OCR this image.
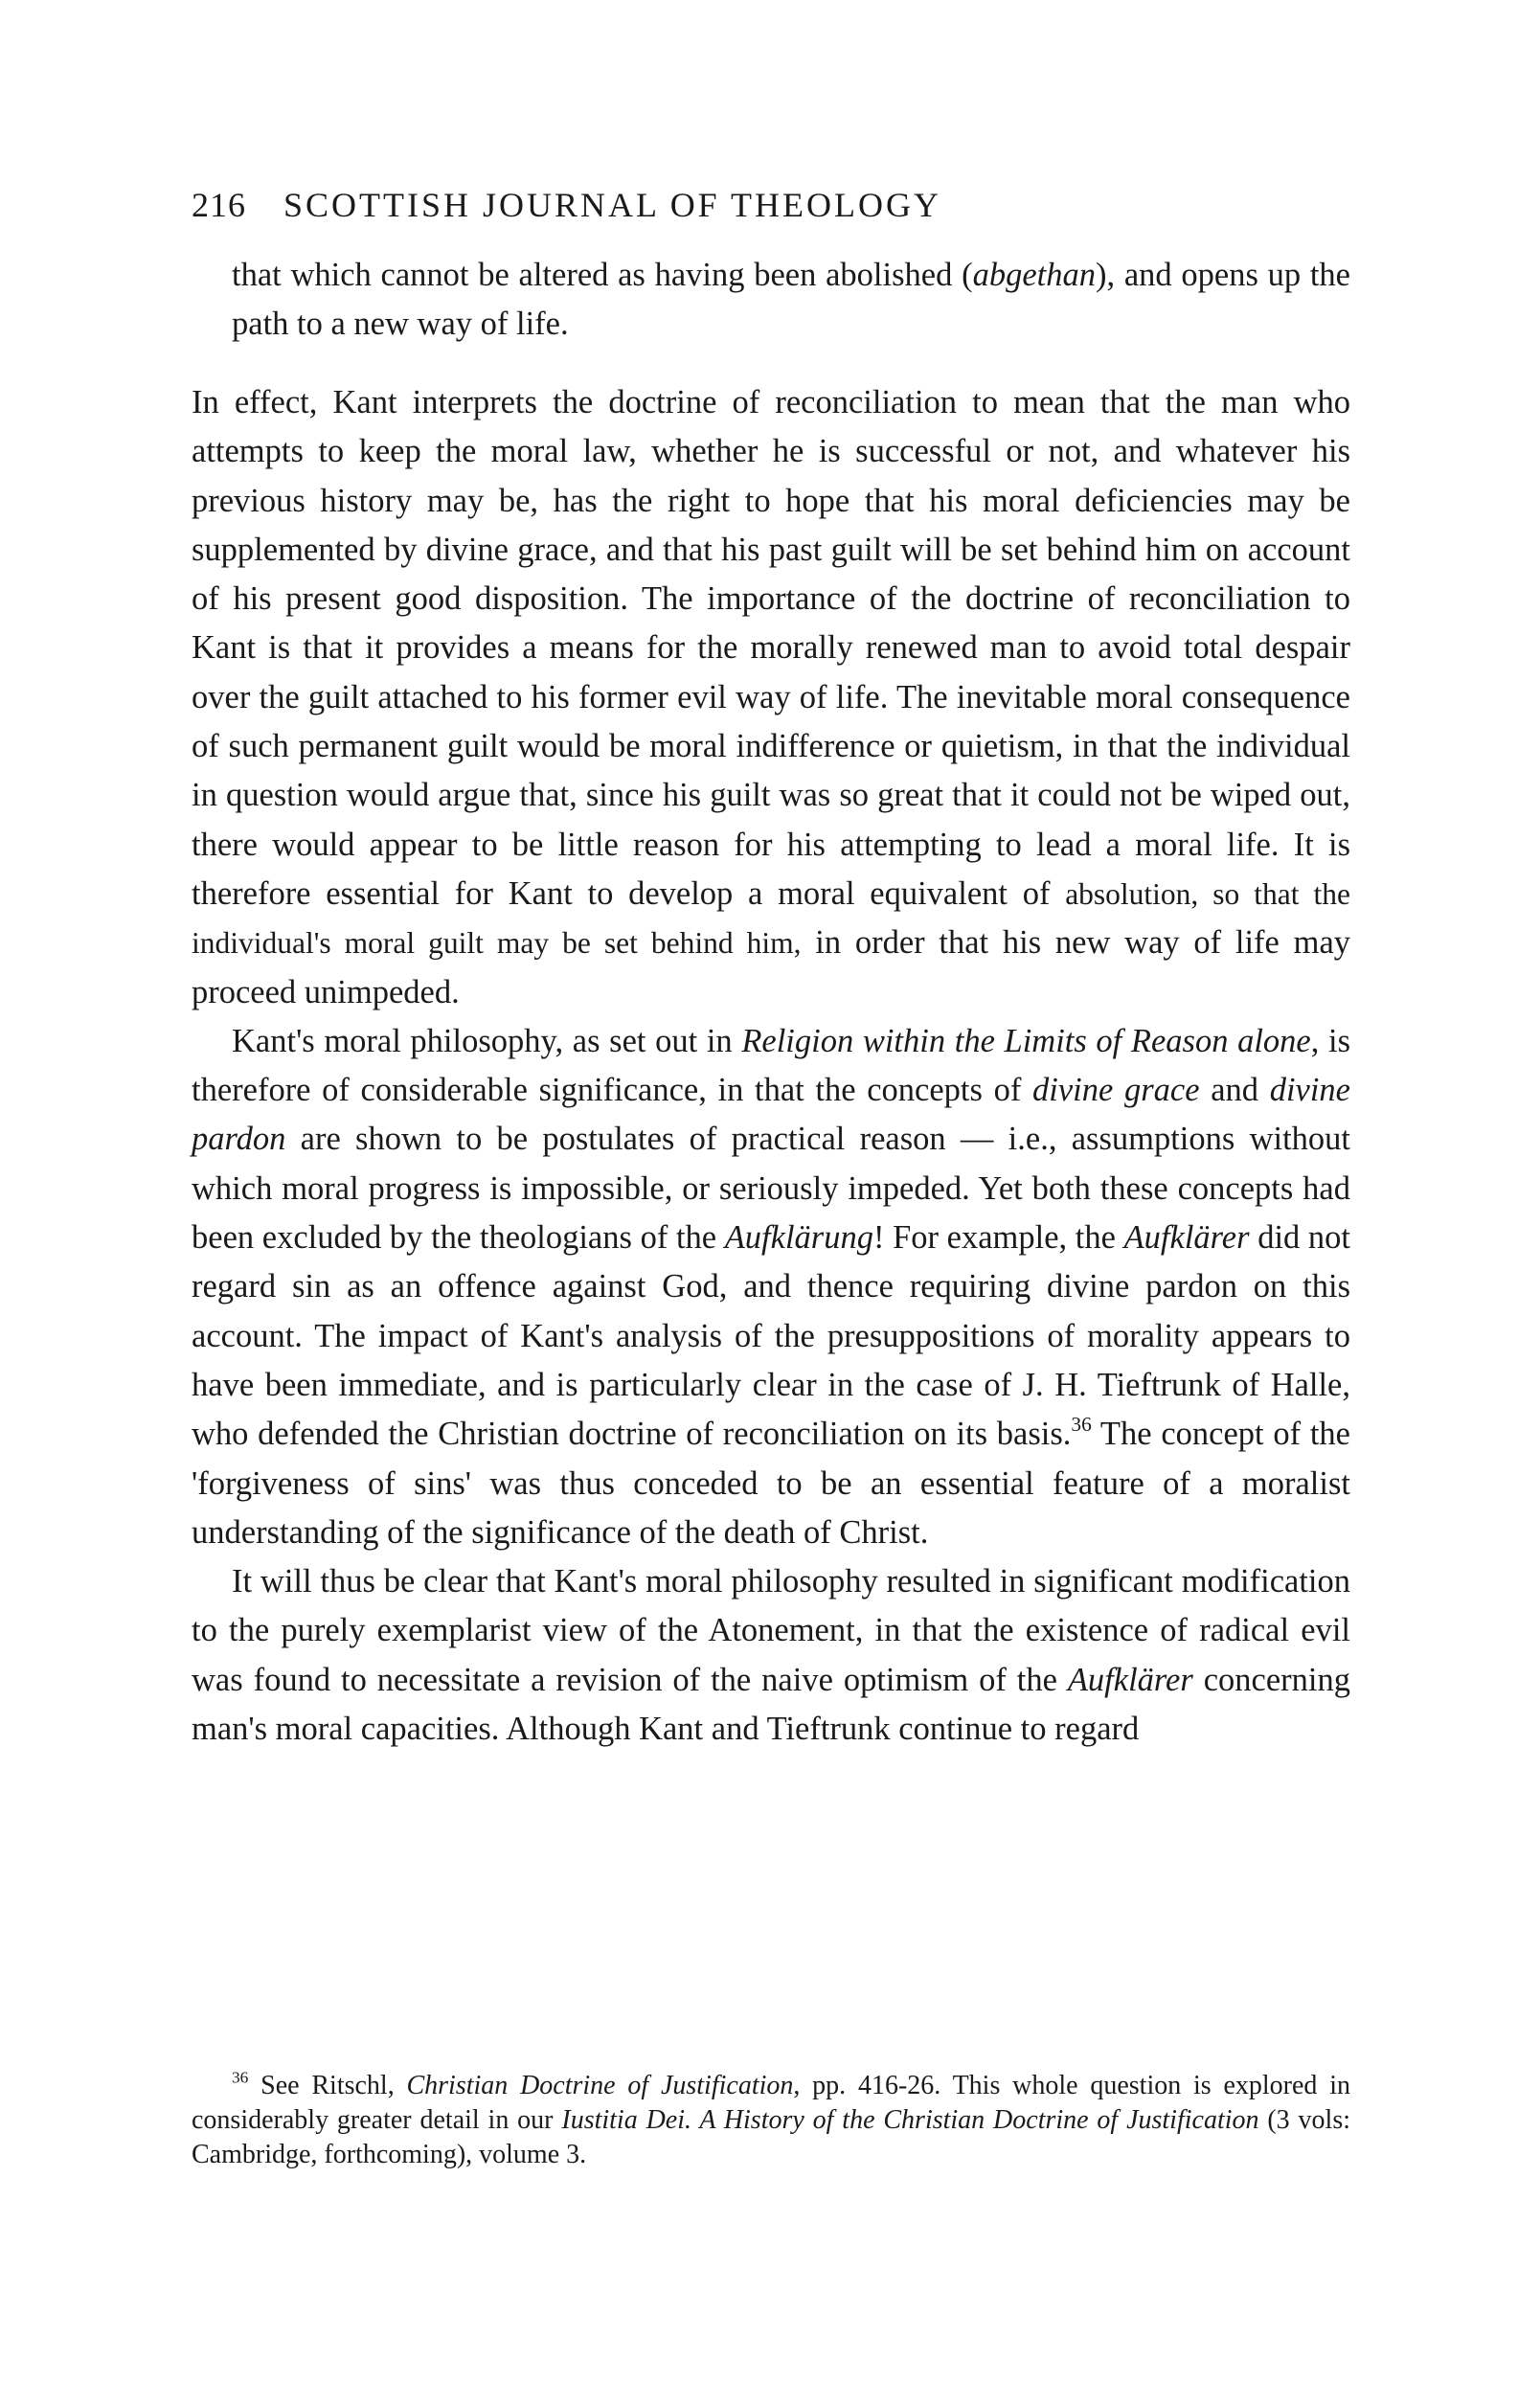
216 SCOTTISH JOURNAL OF THEOLOGY
that which cannot be altered as having been abolished (abgethan), and opens up the path to a new way of life.

In effect, Kant interprets the doctrine of reconciliation to mean that the man who attempts to keep the moral law, whether he is successful or not, and whatever his previous history may be, has the right to hope that his moral deficiencies may be supplemented by divine grace, and that his past guilt will be set behind him on account of his present good disposition. The importance of the doctrine of reconciliation to Kant is that it provides a means for the morally renewed man to avoid total despair over the guilt attached to his former evil way of life. The inevitable moral consequence of such permanent guilt would be moral indifference or quietism, in that the individual in question would argue that, since his guilt was so great that it could not be wiped out, there would appear to be little reason for his attempting to lead a moral life. It is therefore essential for Kant to develop a moral equivalent of absolution, so that the individual's moral guilt may be set behind him, in order that his new way of life may proceed unimpeded.

Kant's moral philosophy, as set out in Religion within the Limits of Reason alone, is therefore of considerable significance, in that the concepts of divine grace and divine pardon are shown to be postulates of practical reason — i.e., assumptions without which moral progress is impossible, or seriously impeded. Yet both these concepts had been excluded by the theologians of the Aufklärung! For example, the Aufklärer did not regard sin as an offence against God, and thence requiring divine pardon on this account. The impact of Kant's analysis of the presuppositions of morality appears to have been immediate, and is particularly clear in the case of J. H. Tieftrunk of Halle, who defended the Christian doctrine of reconciliation on its basis.$^{36}$ The concept of the 'forgiveness of sins' was thus conceded to be an essential feature of a moralist understanding of the significance of the death of Christ.

It will thus be clear that Kant's moral philosophy resulted in significant modification to the purely exemplarist view of the Atonement, in that the existence of radical evil was found to necessitate a revision of the naive optimism of the Aufklärer concerning man's moral capacities. Although Kant and Tieftrunk continue to regard

$^{36}$ See Ritschl, Christian Doctrine of Justification, pp. 416-26. This whole question is explored in considerably greater detail in our Iustitia Dei. A History of the Christian Doctrine of Justification (3 vols: Cambridge, forthcoming), volume 3.
